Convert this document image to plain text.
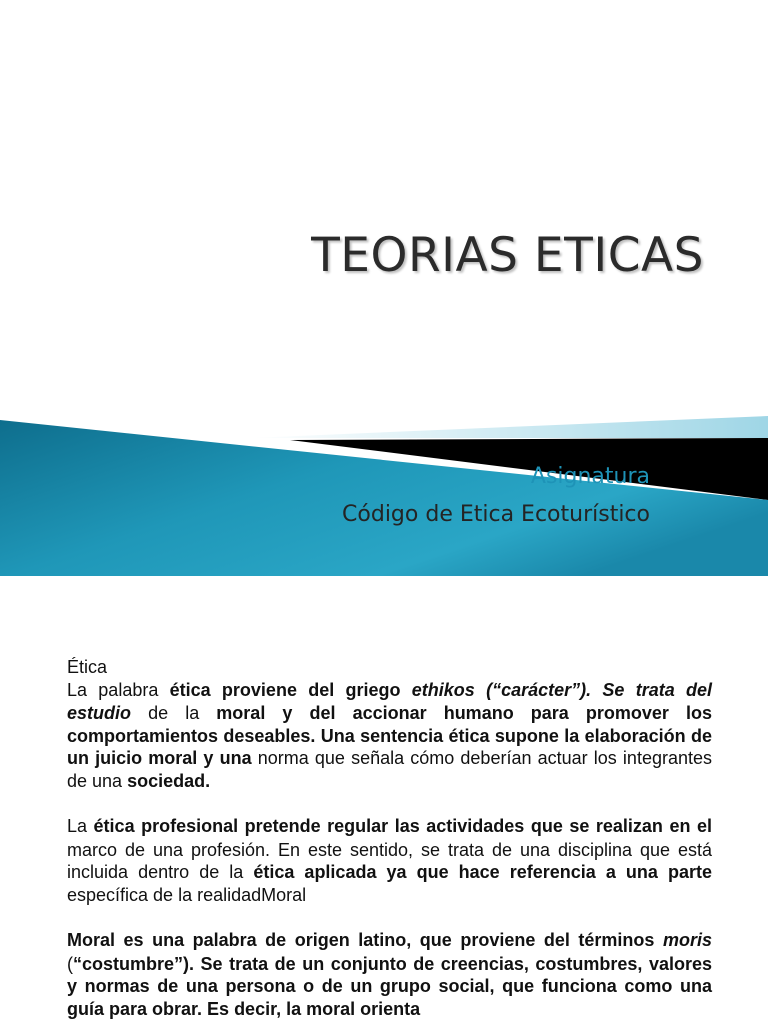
TEORIAS ETICAS
Asignatura
Código de Etica Ecoturístico

Ética

La palabra ética proviene del griego ethikos (“carácter”). Se trata del estudio de la moral y del accionar humano para promover los comportamientos deseables. Una sentencia ética supone la elaboración de un juicio moral y una norma que señala cómo deberían actuar los integrantes de una sociedad.

La ética profesional pretende regular las actividades que se realizan en el marco de una profesión. En este sentido, se trata de una disciplina que está incluida dentro de la ética aplicada ya que hace referencia a una parte específica de la realidadMoral

Moral es una palabra de origen latino, que proviene del términos moris (“costumbre”). Se trata de un conjunto de creencias, costumbres, valores y normas de una persona o de un grupo social, que funciona como una guía para obrar. Es decir, la moral orienta
